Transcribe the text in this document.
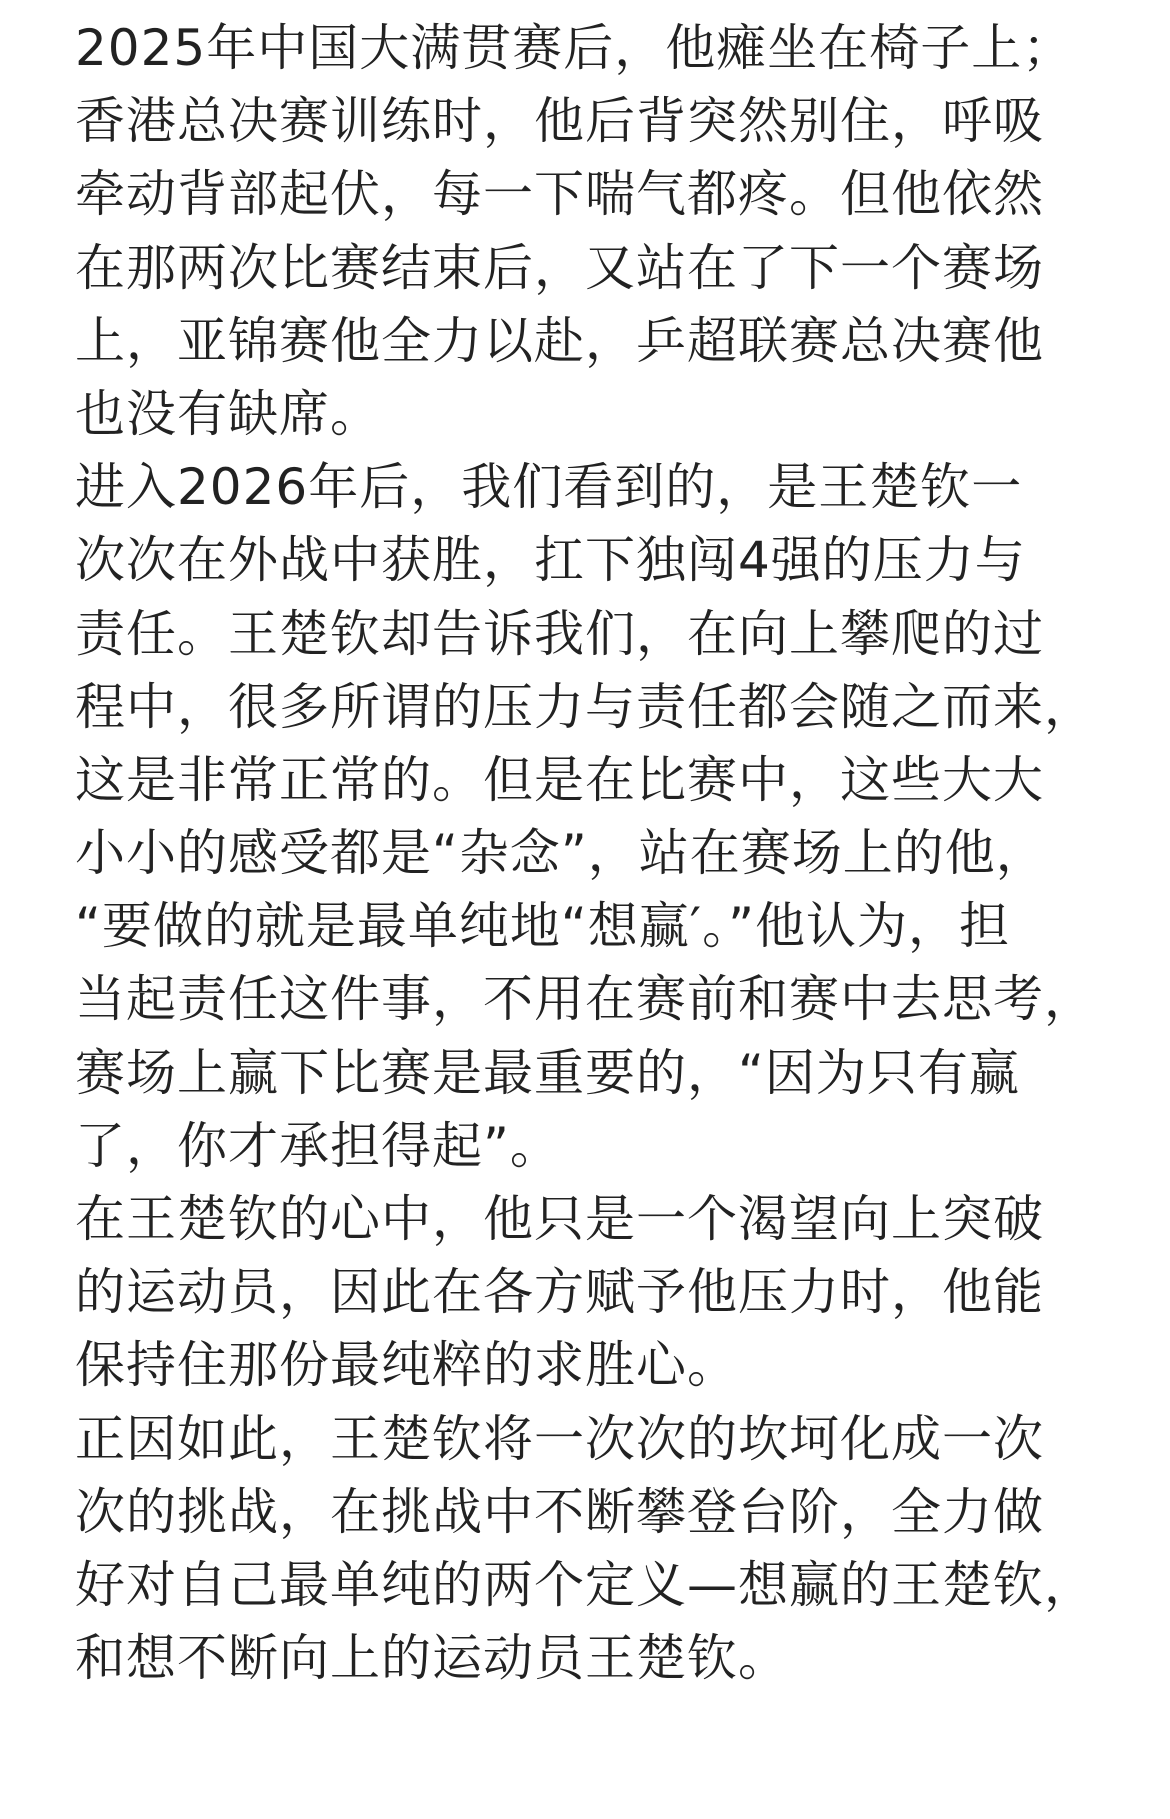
2025年中国大满贯赛后，他瘫坐在椅子上；
香港总决赛训练时，他后背突然别住，呼吸
牵动背部起伏，每一下喘气都疼。但他依然
在那两次比赛结束后，又站在了下一个赛场
上，亚锦赛他全力以赴，乒超联赛总决赛他
也没有缺席。
进入2026年后，我们看到的，是王楚钦一
次次在外战中获胜，扛下独闯4强的压力与
责任。王楚钦却告诉我们，在向上攀爬的过
程中，很多所谓的压力与责任都会随之而来，
这是非常正常的。但是在比赛中，这些大大
小小的感受都是“杂念”，站在赛场上的他，
“要做的就是最单纯地“想赢′。”他认为，担
当起责任这件事，不用在赛前和赛中去思考，
赛场上赢下比赛是最重要的，“因为只有赢
了，你才承担得起”。
在王楚钦的心中，他只是一个渴望向上突破
的运动员，因此在各方赋予他压力时，他能
保持住那份最纯粹的求胜心。
正因如此，王楚钦将一次次的坎坷化成一次
次的挑战，在挑战中不断攀登台阶，全力做
好对自己最单纯的两个定义—想赢的王楚钦，
和想不断向上的运动员王楚钦。
